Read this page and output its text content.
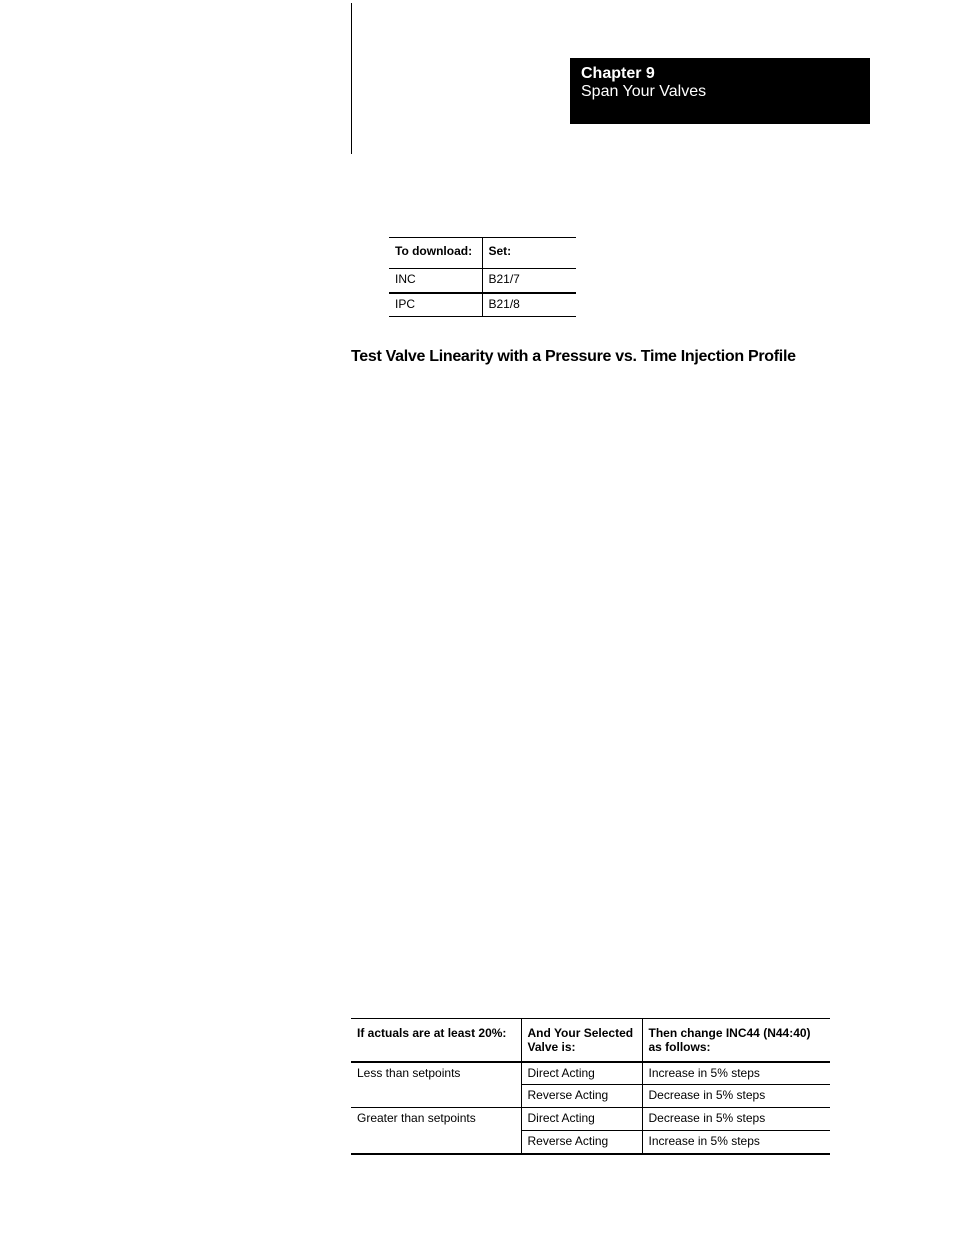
Chapter 9
Span Your Valves
To download:	Set:
INC	B21/7
IPC	B21/8
Test Valve Linearity with a Pressure vs. Time Injection Profile
If actuals are at least 20%:	And Your Selected Valve is:	Then change INC44 (N44:40) as follows:
Less than setpoints	Direct Acting	Increase in 5% steps
	Reverse Acting	Decrease in 5% steps
Greater than setpoints	Direct Acting	Decrease in 5% steps
	Reverse Acting	Increase in 5% steps
